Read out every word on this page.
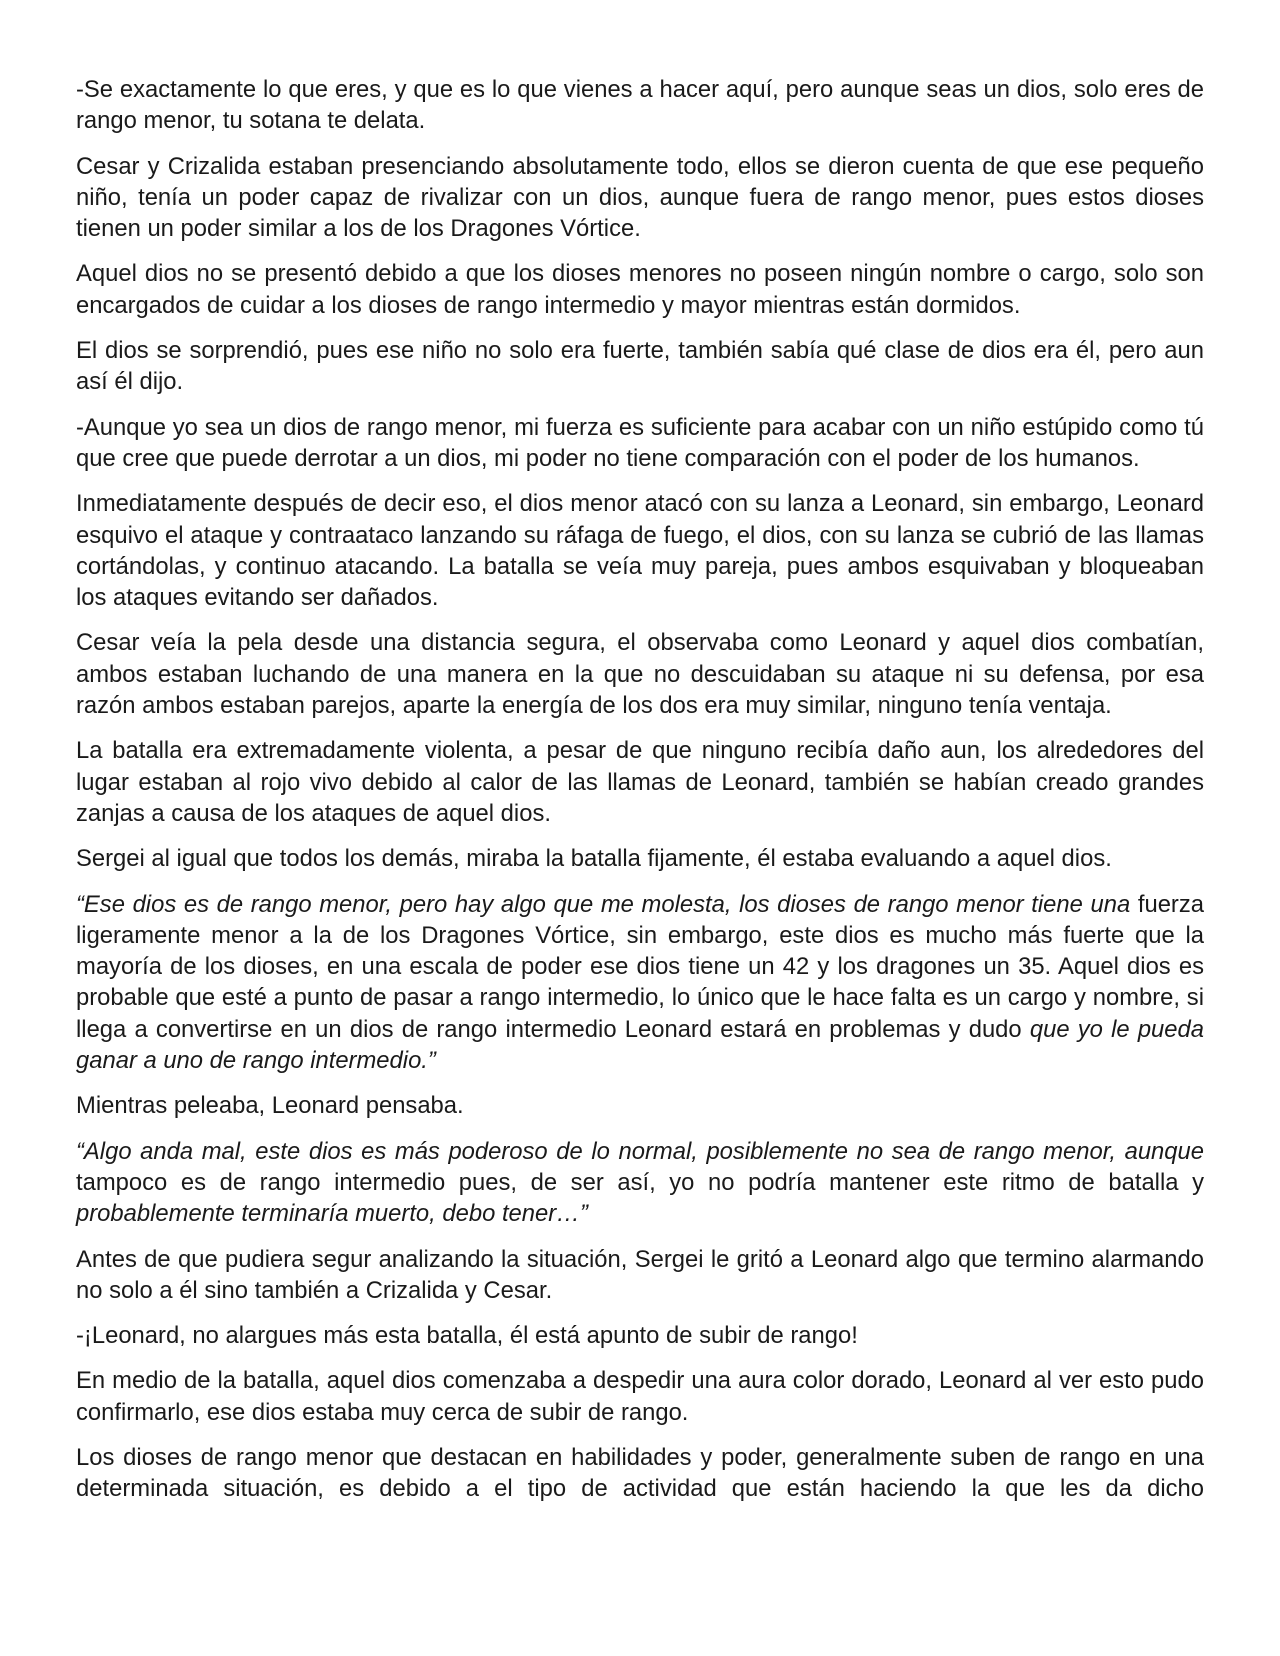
-Se exactamente lo que eres, y que es lo que vienes a hacer aquí, pero aunque seas un dios, solo eres de rango menor, tu sotana te delata.

Cesar y Crizalida estaban presenciando absolutamente todo, ellos se dieron cuenta de que ese pequeño niño, tenía un poder capaz de rivalizar con un dios, aunque fuera de rango menor, pues estos dioses tienen un poder similar a los de los Dragones Vórtice.

Aquel dios no se presentó debido a que los dioses menores no poseen ningún nombre o cargo, solo son encargados de cuidar a los dioses de rango intermedio y mayor mientras están dormidos.

El dios se sorprendió, pues ese niño no solo era fuerte, también sabía qué clase de dios era él, pero aun así él dijo.

-Aunque yo sea un dios de rango menor, mi fuerza es suficiente para acabar con un niño estúpido como tú que cree que puede derrotar a un dios, mi poder no tiene comparación con el poder de los humanos.

Inmediatamente después de decir eso, el dios menor atacó con su lanza a Leonard, sin embargo, Leonard esquivo el ataque y contraataco lanzando su ráfaga de fuego, el dios, con su lanza se cubrió de las llamas cortándolas, y continuo atacando. La batalla se veía muy pareja, pues ambos esquivaban y bloqueaban los ataques evitando ser dañados.

Cesar veía la pela desde una distancia segura, el observaba como Leonard y aquel dios combatían, ambos estaban luchando de una manera en la que no descuidaban su ataque ni su defensa, por esa razón ambos estaban parejos, aparte la energía de los dos era muy similar, ninguno tenía ventaja.

La batalla era extremadamente violenta, a pesar de que ninguno recibía daño aun, los alrededores del lugar estaban al rojo vivo debido al calor de las llamas de Leonard, también se habían creado grandes zanjas a causa de los ataques de aquel dios.

Sergei al igual que todos los demás, miraba la batalla fijamente, él estaba evaluando a aquel dios.

“Ese dios es de rango menor, pero hay algo que me molesta, los dioses de rango menor tiene una fuerza ligeramente menor a la de los Dragones Vórtice, sin embargo, este dios es mucho más fuerte que la mayoría de los dioses, en una escala de poder ese dios tiene un 42 y los dragones un 35. Aquel dios es probable que esté a punto de pasar a rango intermedio, lo único que le hace falta es un cargo y nombre, si llega a convertirse en un dios de rango intermedio Leonard estará en problemas y dudo que yo le pueda ganar a uno de rango intermedio.”

Mientras peleaba, Leonard pensaba.

“Algo anda mal, este dios es más poderoso de lo normal, posiblemente no sea de rango menor, aunque tampoco es de rango intermedio pues, de ser así, yo no podría mantener este ritmo de batalla y probablemente terminaría muerto, debo tener…”

Antes de que pudiera segur analizando la situación, Sergei le gritó a Leonard algo que termino alarmando no solo a él sino también a Crizalida y Cesar.

-¡Leonard, no alargues más esta batalla, él está apunto de subir de rango!

En medio de la batalla, aquel dios comenzaba a despedir una aura color dorado, Leonard al ver esto pudo confirmarlo, ese dios estaba muy cerca de subir de rango.

Los dioses de rango menor que destacan en habilidades y poder, generalmente suben de rango en una determinada situación, es debido a el tipo de actividad que están haciendo la que les da dicho
